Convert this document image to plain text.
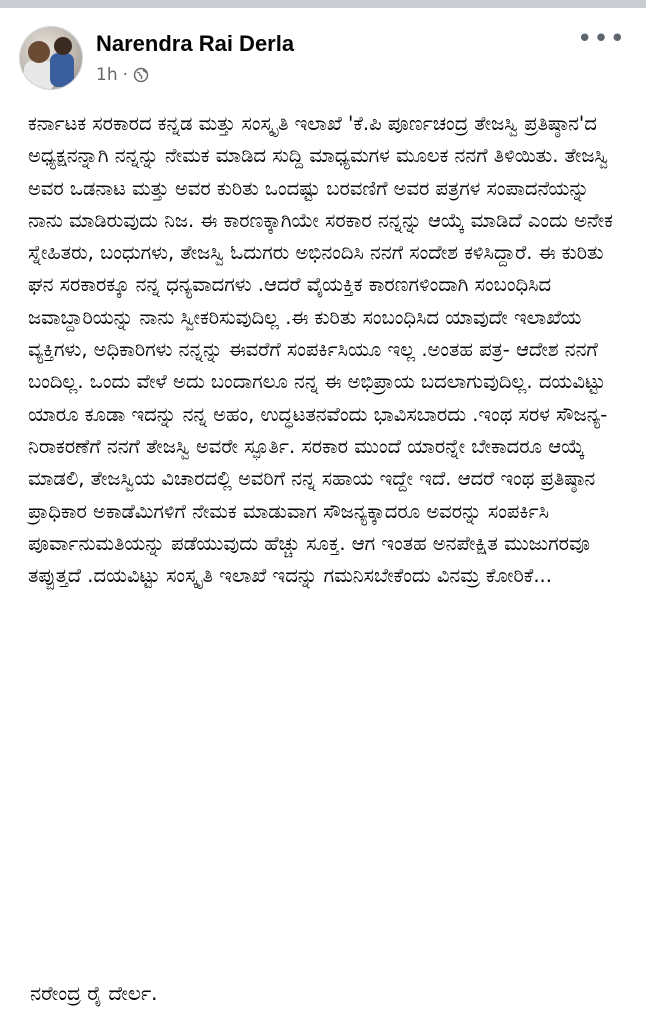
Narendra Rai Derla
1h ·
•••

ಕರ್ನಾಟಕ ಸರಕಾರದ ಕನ್ನಡ ಮತ್ತು ಸಂಸ್ಕೃತಿ ಇಲಾಖೆ 'ಕೆ.ಪಿ ಪೂರ್ಣಚಂದ್ರ ತೇಜಸ್ವಿ ಪ್ರತಿಷ್ಠಾನ'ದ ಅಧ್ಯಕ್ಷನನ್ನಾಗಿ ನನ್ನನ್ನು ನೇಮಕ ಮಾಡಿದ ಸುದ್ದಿ ಮಾಧ್ಯಮಗಳ ಮೂಲಕ ನನಗೆ ತಿಳಿಯಿತು. ತೇಜಸ್ವಿ ಅವರ ಒಡನಾಟ ಮತ್ತು ಅವರ ಕುರಿತು ಒಂದಷ್ಟು ಬರವಣಿಗೆ ಅವರ ಪತ್ರಗಳ ಸಂಪಾದನೆಯನ್ನು ನಾನು ಮಾಡಿರುವುದು ನಿಜ. ಈ ಕಾರಣಕ್ಕಾಗಿಯೇ ಸರಕಾರ ನನ್ನನ್ನು ಆಯ್ಕೆ ಮಾಡಿದೆ ಎಂದು ಅನೇಕ ಸ್ನೇಹಿತರು, ಬಂಧುಗಳು, ತೇಜಸ್ವಿ ಓದುಗರು ಅಭಿನಂದಿಸಿ ನನಗೆ ಸಂದೇಶ ಕಳಿಸಿದ್ದಾರೆ. ಈ ಕುರಿತು ಘನ ಸರಕಾರಕ್ಕೂ ನನ್ನ ಧನ್ಯವಾದಗಳು .ಆದರೆ ವೈಯಕ್ತಿಕ ಕಾರಣಗಳಿಂದಾಗಿ ಸಂಬಂಧಿಸಿದ ಜವಾಬ್ದಾರಿಯನ್ನು ನಾನು ಸ್ವೀಕರಿಸುವುದಿಲ್ಲ .ಈ ಕುರಿತು ಸಂಬಂಧಿಸಿದ ಯಾವುದೇ ಇಲಾಖೆಯ ವ್ಯಕ್ತಿಗಳು, ಅಧಿಕಾರಿಗಳು ನನ್ನನ್ನು ಈವರೆಗೆ ಸಂಪರ್ಕಿಸಿಯೂ ಇಲ್ಲ .ಅಂತಹ ಪತ್ರ- ಆದೇಶ ನನಗೆ ಬಂದಿಲ್ಲ. ಒಂದು ವೇಳೆ ಅದು ಬಂದಾಗಲೂ ನನ್ನ ಈ ಅಭಿಪ್ರಾಯ ಬದಲಾಗುವುದಿಲ್ಲ. ದಯವಿಟ್ಟು ಯಾರೂ ಕೂಡಾ ಇದನ್ನು ನನ್ನ ಅಹಂ, ಉದ್ಧಟತನವೆಂದು ಭಾವಿಸಬಾರದು .ಇಂಥ ಸರಳ ಸೌಜನ್ಯ- ನಿರಾಕರಣೆಗೆ ನನಗೆ ತೇಜಸ್ವಿ ಅವರೇ ಸ್ಫೂರ್ತಿ. ಸರಕಾರ ಮುಂದೆ ಯಾರನ್ನೇ ಬೇಕಾದರೂ ಆಯ್ಕೆ ಮಾಡಲಿ, ತೇಜಸ್ವಿಯ ವಿಚಾರದಲ್ಲಿ ಅವರಿಗೆ ನನ್ನ ಸಹಾಯ ಇದ್ದೇ ಇದೆ. ಆದರೆ ಇಂಥ ಪ್ರತಿಷ್ಠಾನ ಪ್ರಾಧಿಕಾರ ಅಕಾಡೆಮಿಗಳಿಗೆ ನೇಮಕ ಮಾಡುವಾಗ ಸೌಜನ್ಯಕ್ಕಾದರೂ ಅವರನ್ನು ಸಂಪರ್ಕಿಸಿ ಪೂರ್ವಾನುಮತಿಯನ್ನು ಪಡೆಯುವುದು ಹೆಚ್ಚು ಸೂಕ್ತ. ಆಗ ಇಂತಹ ಅನಪೇಕ್ಷಿತ ಮುಜುಗರವೂ ತಪ್ಪುತ್ತದೆ .ದಯವಿಟ್ಟು ಸಂಸ್ಕೃತಿ ಇಲಾಖೆ ಇದನ್ನು ಗಮನಿಸಬೇಕೆಂದು ವಿನಮ್ರ ಕೋರಿಕೆ...

ನರೇಂದ್ರ ರೈ ದೇರ್ಲ.
